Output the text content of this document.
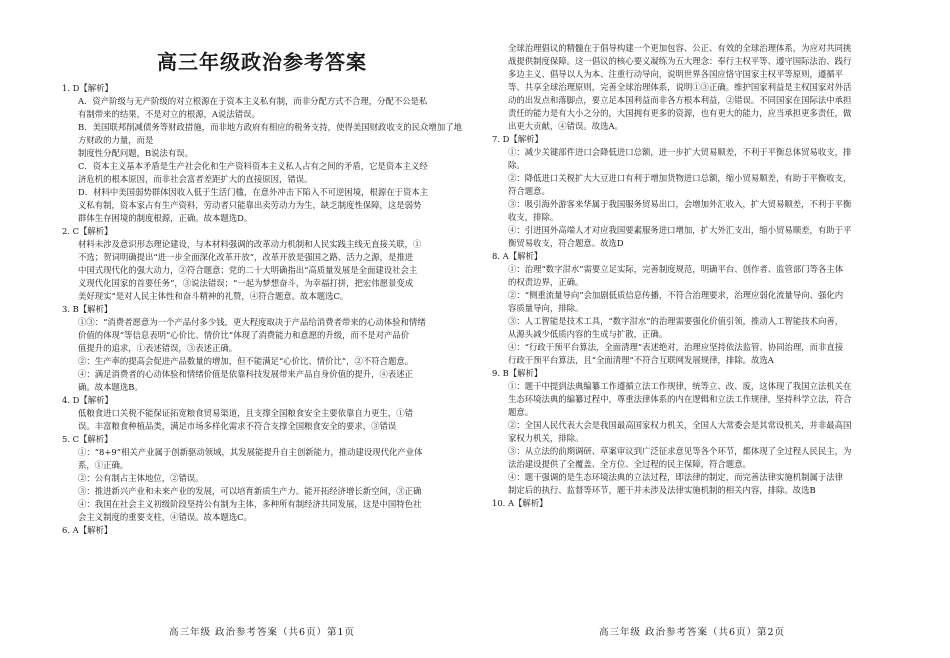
高三年级政治参考答案

1. D【解析】

A．资产阶级与无产阶级的对立根源在于资本主义私有制，而非分配方式不合理，分配不公是私

有制带来的结果，不是对立的根源，A说法错误。

B．美国联邦削减债务等财政措施，而非地方政府有相应的税务支持，使得美国财政收支的民众增加了地方财政的力量，而是

制度性分配问题，B说法有误。

C．资本主义基本矛盾是生产社会化和生产资料资本主义私人占有之间的矛盾，它是资本主义经

济危机的根本原因，而非社会富者差距扩大的直接原因，错误。

D．材料中美国弱势群体因收入低于生活门槛，在意外冲击下陷入不可逆困境，根源在于资本主

义私有制，资本家占有生产资料，劳动者只能靠出卖劳动力为生，缺乏制度性保障，这是弱势

群体生存困境的制度根源，正确。故本题选D。

2. C【解析】

材料未涉及意识形态理论建设，与本材料强调的改革动力机制和人民实践主线无直接关联，①

不选；贺词明确提出“进一步全面深化改革开放”，改革开放是强国之路、活力之源，是推进

中国式现代化的强大动力，②符合题意；党的二十大明确指出“高质量发展是全面建设社会主

义现代化国家的首要任务”，③说法错误；“一起为梦想奋斗，为幸福打拼，把宏伟愿景变成

美好现实”是对人民主体性和奋斗精神的礼赞，④符合题意。故本题选C。

3. B【解析】

①③：“消费者愿意为一个产品付多少钱，更大程度取决于产品给消费者带来的心动体验和情绪

价值的体现”等信息表明“心价比、情价比”体现了消费能力和意愿的升级，而不是对产品价

值提升的追求，①表述错误，③表述正确。

②：生产率的提高会促进产品数量的增加，但不能满足“心价比、情价比”，②不符合题意。

④：满足消费者的心动体验和情绪价值是依靠科技发展带来产品自身价值的提升，④表述正

确。故本题选B。

4. D【解析】

低粮食进口关税不能保证拓宽粮食贸易渠道，且支撑全国粮食安全主要依靠自力更生，①错

误。丰富粮食种植品类，满足市场多样化需求不符合支撑全国粮食安全的要求，③错误

5. C【解析】

①：“8+9”相关产业属于创新驱动领域，其发展能提升自主创新能力，推动建设现代化产业体

系，①正确。

②：公有制占主体地位，②错误。

③：推进新兴产业和未来产业的发展，可以培育新质生产力。能开拓经济增长新空间，③正确

④：我国在社会主义初级阶段坚持公有制为主体，多种所有制经济共同发展，这是中国特色社

会主义制度的重要支柱，④错误。故本题选C。

6. A【解析】

高三年级 政治参考答案（共6页）第1页

全球治理倡议的精髓在于倡导构建一个更加包容、公正、有效的全球治理体系，为应对共同挑

战提供制度保障。这一倡议的核心要义凝练为五大理念：奉行主权平等、遵守国际法治、践行

多边主义、倡导以人为本、注重行动导向，说明世界各国应恪守国家主权平等原则，遵循平

等、共享全球治理原则，完善全球治理体系，说明①③正确。维护国家利益是主权国家对外活

动的出发点和落脚点，要立足本国利益而非各方根本利益，②错误。不同国家在国际法中承担

责任的能力是有大小之分的，大国拥有更多的资源，也有更大的能力，应当承担更多责任，做

出更大贡献，④错误。故选A。

7. D【解析】

①：减少关键部件进口会降低进口总额，进一步扩大贸易顺差，不利于平衡总体贸易收支，排

除。

②：降低进口关税扩大大豆进口有利于增加货物进口总额，缩小贸易顺差，有助于平衡收支，

符合题意。

③：吸引海外游客来华属于我国服务贸易出口，会增加外汇收入，扩大贸易顺差，不利于平衡

收支，排除。

④：引进国外高端人才对应我国要素服务进口增加，扩大外汇支出，缩小贸易顺差，有助于平

衡贸易收支，符合题意。故选D

8. A【解析】

①：治理“数字泔水”需要立足实际，完善制度规范，明确平台、创作者、监管部门等各主体

的权责边界，正确。

②：“侧重流量导向”会加剧低质信息传播，不符合治理要求，治理应弱化流量导向、强化内

容质量导向，排除。

③：人工智能是技术工具，“数字泔水”的治理需要强化价值引领，推动人工智能技术向善，

从源头减少低质内容的生成与扩散，正确。

④：“行政干预平台算法，全面清理”表述绝对，治理应坚持依法监管、协同治理，而非直接

行政干预平台算法，且“全面清理”不符合互联网发展规律，排除。故选A

9. B【解析】

①：题干中提到法典编纂工作遵循立法工作规律，统等立、改、废，这体现了我国立法机关在

生态环境法典的编纂过程中，尊重法律体系的内在逻辑和立法工作规律，坚持科学立法，符合

题意。

②：全国人民代表大会是我国最高国家权力机关，全国人大常委会是其常设机关，并非最高国

家权力机关，排除。

③：从立法的前期调研、草案审议到广泛征求意见等各个环节，都体现了全过程人民民主，为

法治建设提供了全覆盖、全方位、全过程的民主保障，符合题意。

④：题干强调的是生态环境法典的立法过程，即法律的制定，而完善法律实施机制属于法律

制定后的执行、监督等环节，题干并未涉及法律实施机制的相关内容，排除。故选B

10. A【解析】

高三年级 政治参考答案（共6页）第2页
